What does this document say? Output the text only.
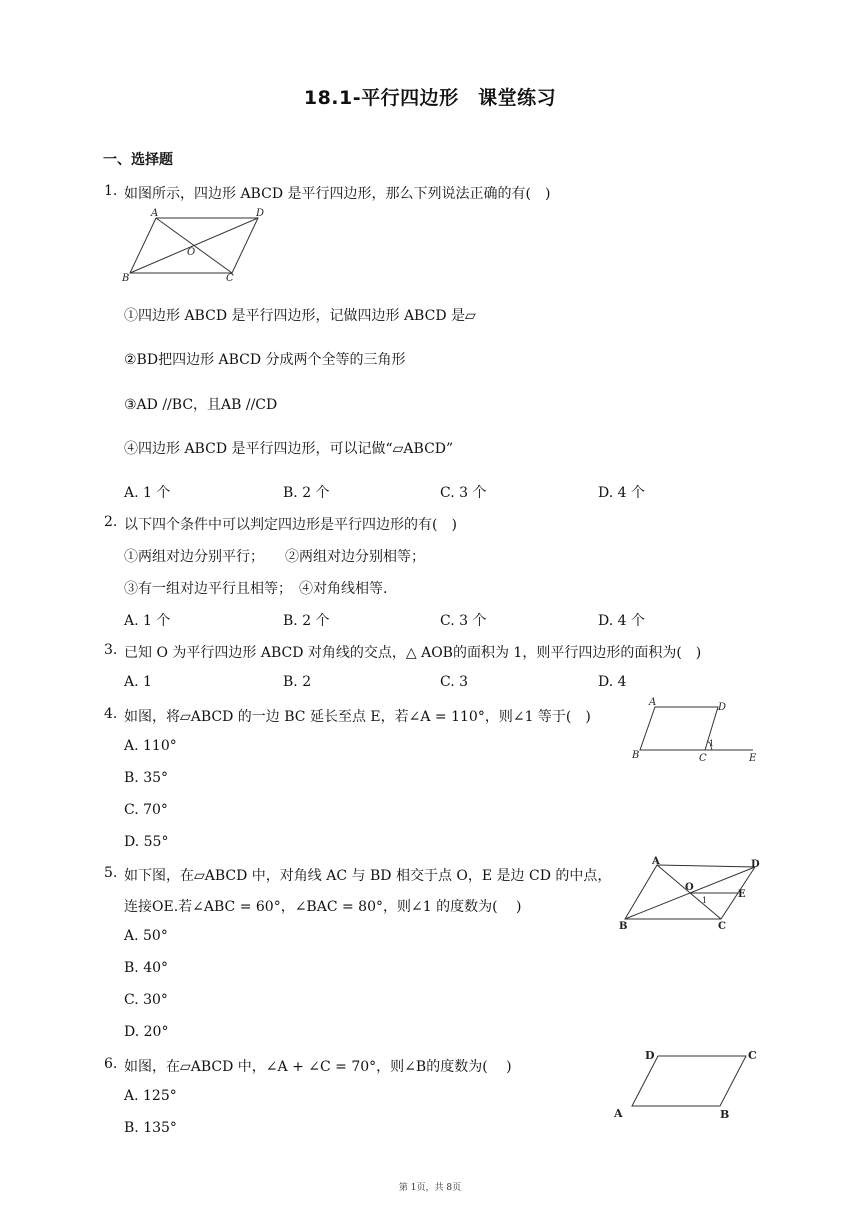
18.1-平行四边形　课堂练习
一、选择题
1. 如图所示，四边形 ABCD 是平行四边形，那么下列说法正确的有(　)
A	D
O
B	C
①四边形 ABCD 是平行四边形，记做四边形 ABCD 是▱
②BD把四边形 ABCD 分成两个全等的三角形
③AD //BC，且AB //CD
④四边形 ABCD 是平行四边形，可以记做“▱ABCD”
A. 1 个	B. 2 个	C. 3 个	D. 4 个
2. 以下四个条件中可以判定四边形是平行四边形的有(　)
①两组对边分别平行；　　②两组对边分别相等；
③有一组对边平行且相等；　④对角线相等.
A. 1 个	B. 2 个	C. 3 个	D. 4 个
3. 已知 O 为平行四边形 ABCD 对角线的交点，△ AOB的面积为 1，则平行四边形的面积为(　)
A. 1	B. 2	C. 3	D. 4
4. 如图，将▱ABCD 的一边 BC 延长至点 E，若∠A = 110°，则∠1 等于(　)
A. 110°
B. 35°
C. 70°
D. 55°
A	D
B	C
1
E
5. 如下图，在▱ABCD 中，对角线 AC 与 BD 相交于点 O，E 是边 CD 的中点，
连接OE.若∠ABC = 60°，∠BAC = 80°，则∠1 的度数为(　 )
A. 50°
B. 40°
C. 30°
D. 20°
A	D
O
E
1
B	C
6. 如图，在▱ABCD 中，∠A + ∠C = 70°，则∠B的度数为(　 )
A. 125°
B. 135°
D	C
A	B
第 1页，共 8页
